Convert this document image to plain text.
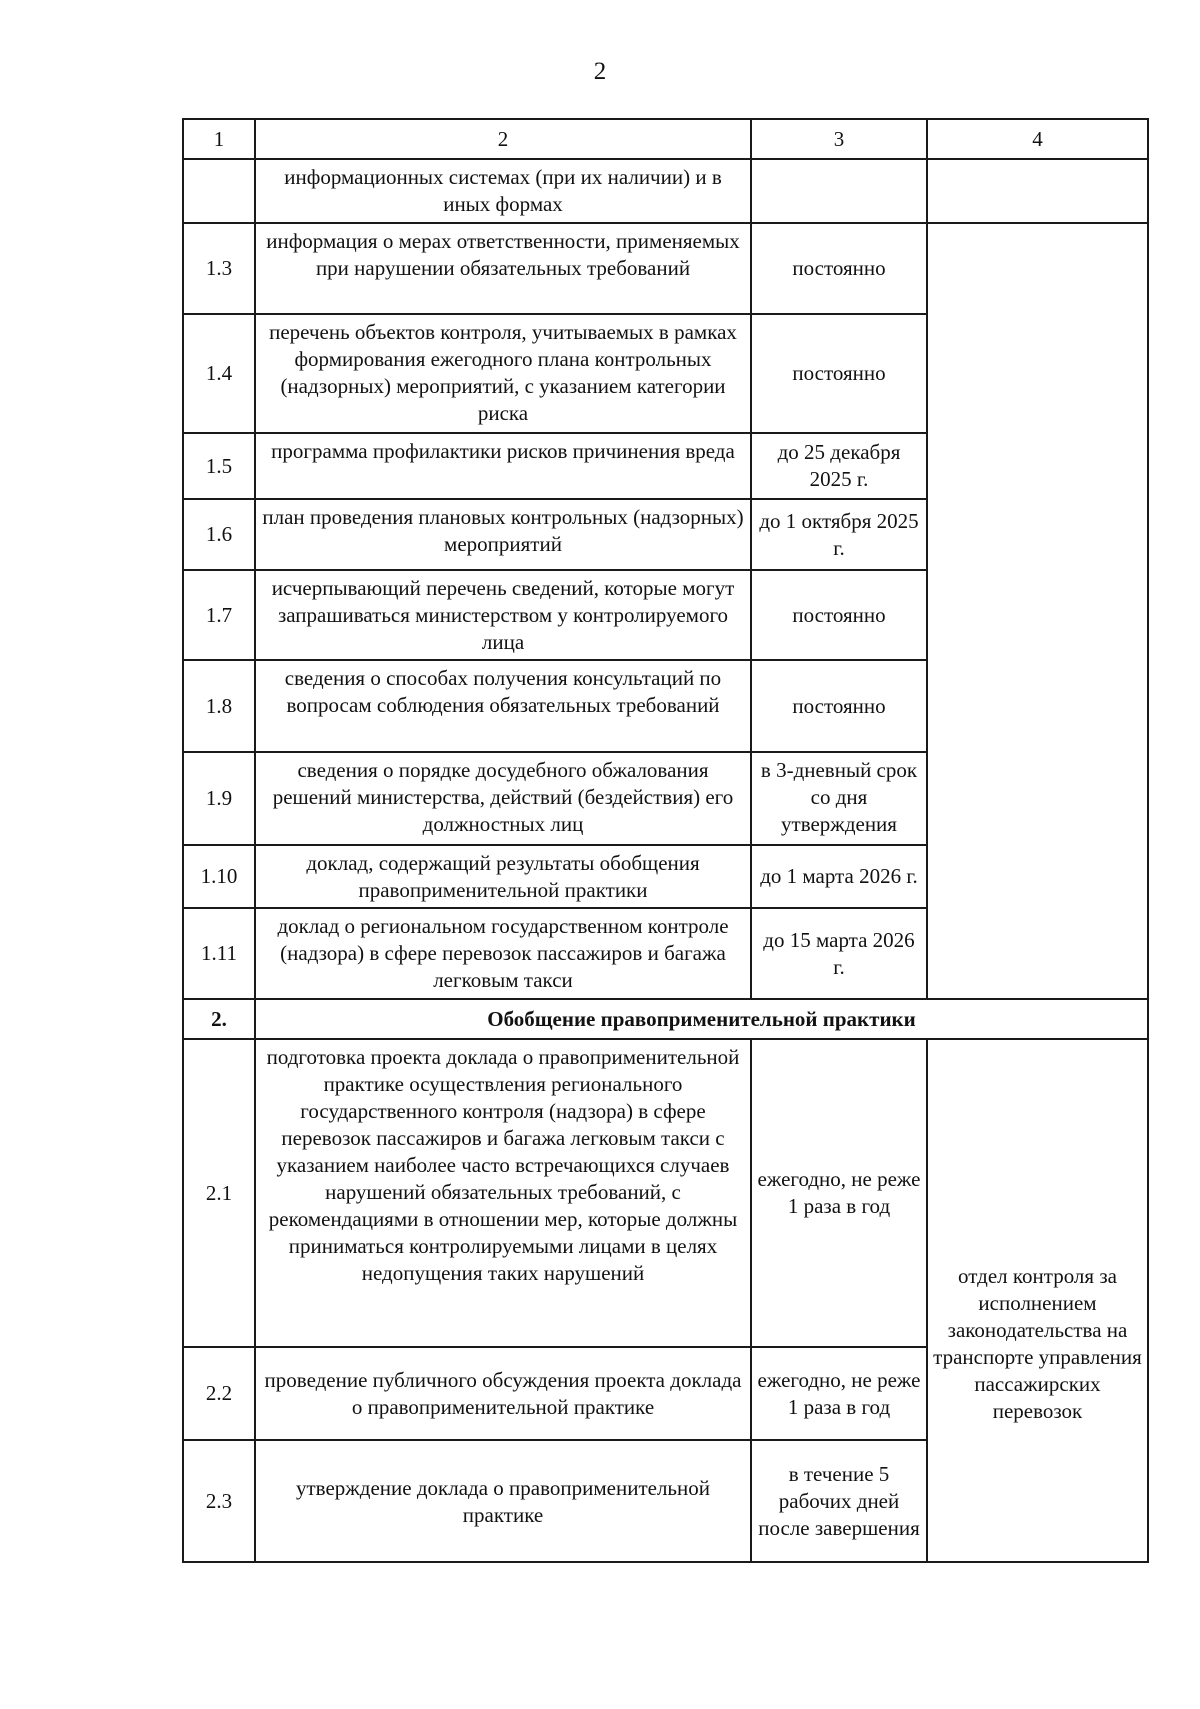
2
1	2	3	4
	информационных системах (при их наличии) и в иных формах		
1.3	информация о мерах ответственности, применяемых при нарушении обязательных требований	постоянно	
1.4	перечень объектов контроля, учитываемых в рамках формирования ежегодного плана контрольных (надзорных) мероприятий, с указанием категории риска	постоянно	
1.5	программа профилактики рисков причинения вреда	до 25 декабря 2025 г.	
1.6	план проведения плановых контрольных (надзорных) мероприятий	до 1 октября 2025 г.	
1.7	исчерпывающий перечень сведений, которые могут запрашиваться министерством у контролируемого лица	постоянно	
1.8	сведения о способах получения консультаций по вопросам соблюдения обязательных требований	постоянно	
1.9	сведения о порядке досудебного обжалования решений министерства, действий (бездействия) его должностных лиц	в 3-дневный срок со дня утверждения	
1.10	доклад, содержащий результаты обобщения правоприменительной практики	до 1 марта 2026 г.	
1.11	доклад о региональном государственном контроле (надзора) в сфере перевозок пассажиров и багажа легковым такси	до 15 марта 2026 г.	
2.	Обобщение правоприменительной практики		
2.1	подготовка проекта доклада о правоприменительной практике осуществления регионального государственного контроля (надзора) в сфере перевозок пассажиров и багажа легковым такси с указанием наиболее часто встречающихся случаев нарушений обязательных требований, с рекомендациями в отношении мер, которые должны приниматься контролируемыми лицами в целях недопущения таких нарушений	ежегодно, не реже 1 раза в год	отдел контроля за исполнением законодательства на транспорте управления пассажирских перевозок
2.2	проведение публичного обсуждения проекта доклада о правоприменительной практике	ежегодно, не реже 1 раза в год	
2.3	утверждение доклада о правоприменительной практике	в течение 5 рабочих дней после завершения	
